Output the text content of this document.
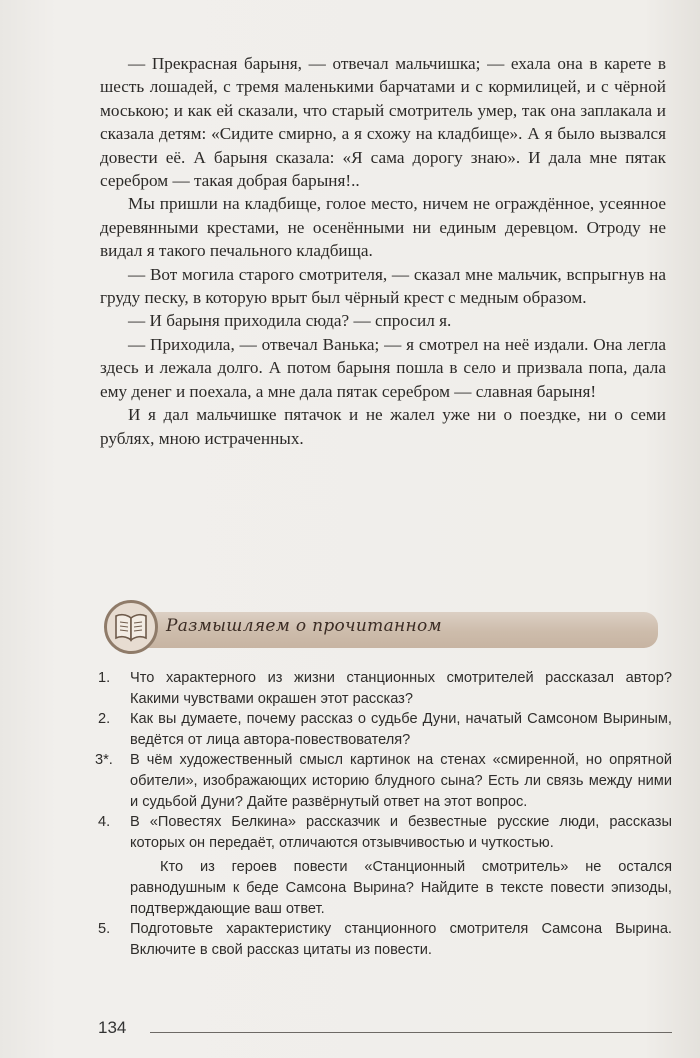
— Прекрасная барыня, — отвечал мальчишка; — ехала она в карете в шесть лошадей, с тремя маленькими барчатами и с кормилицей, и с чёрной моською; и как ей сказали, что старый смотритель умер, так она заплакала и сказала детям: «Сидите смирно, а я схожу на кладбище». А я было вызвался довести её. А барыня сказала: «Я сама дорогу знаю». И дала мне пятак серебром — такая добрая барыня!..

Мы пришли на кладбище, голое место, ничем не ограждённое, усеянное деревянными крестами, не осенёнными ни единым деревцом. Отроду не видал я такого печального кладбища.

— Вот могила старого смотрителя, — сказал мне мальчик, вспрыгнув на груду песку, в которую врыт был чёрный крест с медным образом.

— И барыня приходила сюда? — спросил я.

— Приходила, — отвечал Ванька; — я смотрел на неё издали. Она легла здесь и лежала долго. А потом барыня пошла в село и призвала попа, дала ему денег и поехала, а мне дала пятак серебром — славная барыня!

И я дал мальчишке пятачок и не жалел уже ни о поездке, ни о семи рублях, мною истраченных.

Размышляем о прочитанном
1. Что характерного из жизни станционных смотрителей рассказал автор? Какими чувствами окрашен этот рассказ?
2. Как вы думаете, почему рассказ о судьбе Дуни, начатый Самсоном Выриным, ведётся от лица автора-повествователя?
3*. В чём художественный смысл картинок на стенах «смиренной, но опрятной обители», изображающих историю блудного сына? Есть ли связь между ними и судьбой Дуни? Дайте развёрнутый ответ на этот вопрос.
4. В «Повестях Белкина» рассказчик и безвестные русские люди, рассказы которых он передаёт, отличаются отзывчивостью и чуткостью.
Кто из героев повести «Станционный смотритель» не остался равнодушным к беде Самсона Вырина? Найдите в тексте повести эпизоды, подтверждающие ваш ответ.
5. Подготовьте характеристику станционного смотрителя Самсона Вырина. Включите в свой рассказ цитаты из повести.
134
